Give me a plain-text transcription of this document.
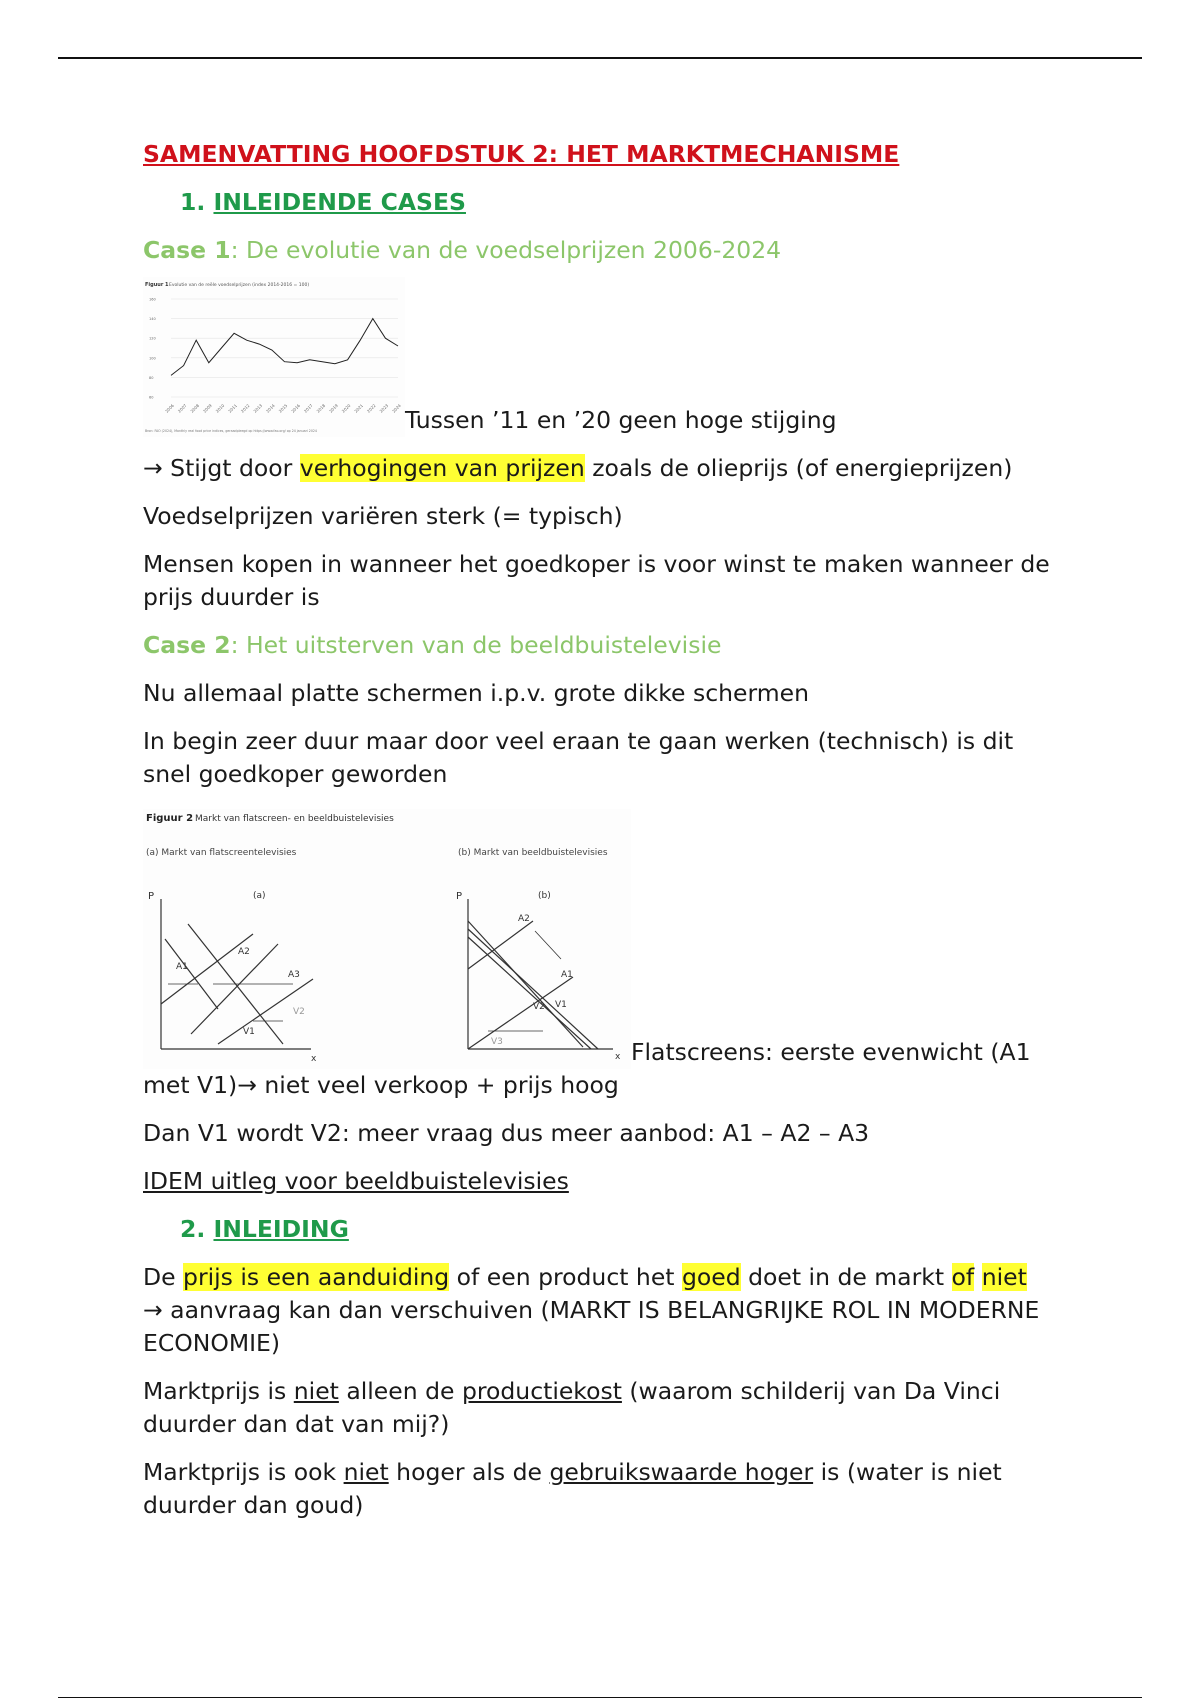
SAMENVATTING HOOFDSTUK 2: HET MARKTMECHANISME

1. INLEIDENDE CASES

Case 1: De evolutie van de voedselprijzen 2006-2024

Figuur 1 Evolutie van de reële voedselprijzen (index 2014-2016 = 100)
60
80
100
120
140
160
2006 2007 2008 2009 2010 2011 2012 2013 2014 2015 2016 2017 2018 2019 2020 2021 2022 2023 2024
Bron: FAO (2024), Monthly real food price indices, geraadpleegd op https://www.fao.org/ op 24 januari 2024	Tussen ’11 en ’20 geen hoge stijging

→ Stijgt door verhogingen van prijzen zoals de olieprijs (of energieprijzen)

Voedselprijzen variëren sterk (= typisch)

Mensen kopen in wanneer het goedkoper is voor winst te maken wanneer de prijs duurder is

Case 2: Het uitsterven van de beeldbuistelevisie

Nu allemaal platte schermen i.p.v. grote dikke schermen

In begin zeer duur maar door veel eraan te gaan werken (technisch) is dit snel goedkoper geworden

Figuur 2 Markt van flatscreen- en beeldbuistelevisies
(a) Markt van flatscreentelevisies	(b) Markt van beeldbuistelevisies
P	(a)
x
A1
A2
A3
V1
V2
P	(b)
x
A2
A1
V1
V2
V3	Flatscreens: eerste evenwicht (A1 met V1)→ niet veel verkoop + prijs hoog

Dan V1 wordt V2: meer vraag dus meer aanbod: A1 – A2 – A3

IDEM uitleg voor beeldbuistelevisies

2. INLEIDING

De prijs is een aanduiding of een product het goed doet in de markt of niet
→ aanvraag kan dan verschuiven (MARKT IS BELANGRIJKE ROL IN MODERNE ECONOMIE)

Marktprijs is niet alleen de productiekost (waarom schilderij van Da Vinci duurder dan dat van mij?)

Marktprijs is ook niet hoger als de gebruikswaarde hoger is (water is niet duurder dan goud)
